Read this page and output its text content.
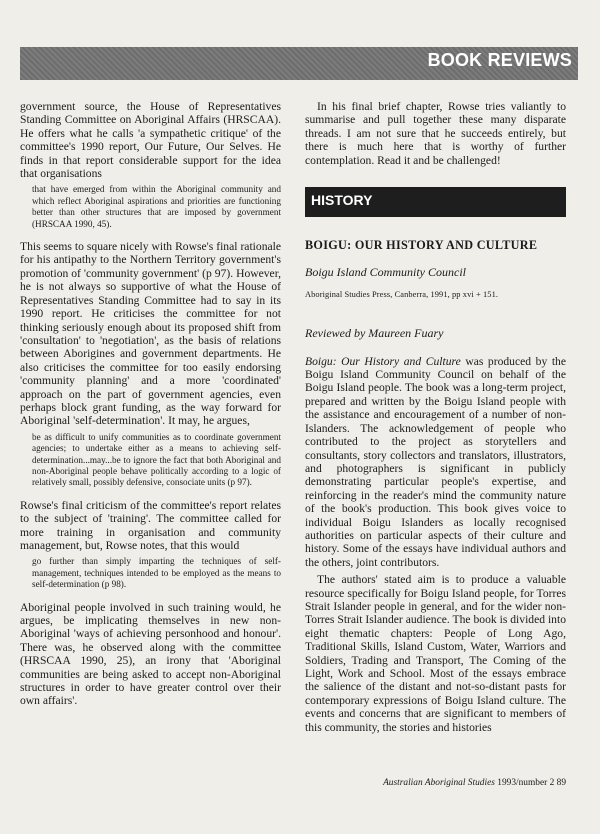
BOOK REVIEWS

government source, the House of Representatives Standing Committee on Aboriginal Affairs (HRSCAA). He offers what he calls 'a sympathetic critique' of the committee's 1990 report, Our Future, Our Selves. He finds in that report considerable support for the idea that organisations

that have emerged from within the Aboriginal community and which reflect Aboriginal aspirations and priorities are functioning better than other structures that are imposed by government (HRSCAA 1990, 45).

This seems to square nicely with Rowse's final rationale for his antipathy to the Northern Territory government's promotion of 'community government' (p 97). However, he is not always so supportive of what the House of Representatives Standing Committee had to say in its 1990 report. He criticises the committee for not thinking seriously enough about its proposed shift from 'consultation' to 'negotiation', as the basis of relations between Aborigines and government departments. He also criticises the committee for too easily endorsing 'community planning' and a more 'coordinated' approach on the part of government agencies, even perhaps block grant funding, as the way forward for Aboriginal 'self-determination'. It may, he argues,

be as difficult to unify communities as to coordinate government agencies; to undertake either as a means to achieving self-determination...may...be to ignore the fact that both Aboriginal and non-Aboriginal people behave politically according to a logic of relatively small, possibly defensive, consociate units (p 97).

Rowse's final criticism of the committee's report relates to the subject of 'training'. The committee called for more training in organisation and community management, but, Rowse notes, that this would

go further than simply imparting the techniques of self-management, techniques intended to be employed as the means to self-determination (p 98).

Aboriginal people involved in such training would, he argues, be implicating themselves in new non-Aboriginal 'ways of achieving personhood and honour'. There was, he observed along with the committee (HRSCAA 1990, 25), an irony that 'Aboriginal communities are being asked to accept non-Aboriginal structures in order to have greater control over their own affairs'.

In his final brief chapter, Rowse tries valiantly to summarise and pull together these many disparate threads. I am not sure that he succeeds entirely, but there is much here that is worthy of further contemplation. Read it and be challenged!

HISTORY
BOIGU: OUR HISTORY AND CULTURE
Boigu Island Community Council
Aboriginal Studies Press, Canberra, 1991, pp xvi + 151.
Reviewed by Maureen Fuary

Boigu: Our History and Culture was produced by the Boigu Island Community Council on behalf of the Boigu Island people. The book was a long-term project, prepared and written by the Boigu Island people with the assistance and encouragement of a number of non-Islanders. The acknowledgement of people who contributed to the project as storytellers and consultants, story collectors and translators, illustrators, and photographers is significant in publicly demonstrating particular people's expertise, and reinforcing in the reader's mind the community nature of the book's production. This book gives voice to individual Boigu Islanders as locally recognised authorities on particular aspects of their culture and history. Some of the essays have individual authors and the others, joint contributors.

The authors' stated aim is to produce a valuable resource specifically for Boigu Island people, for Torres Strait Islander people in general, and for the wider non-Torres Strait Islander audience. The book is divided into eight thematic chapters: People of Long Ago, Traditional Skills, Island Custom, Water, Warriors and Soldiers, Trading and Transport, The Coming of the Light, Work and School. Most of the essays embrace the salience of the distant and not-so-distant pasts for contemporary expressions of Boigu Island culture. The events and concerns that are significant to members of this community, the stories and histories

Australian Aboriginal Studies 1993/number 2 89
